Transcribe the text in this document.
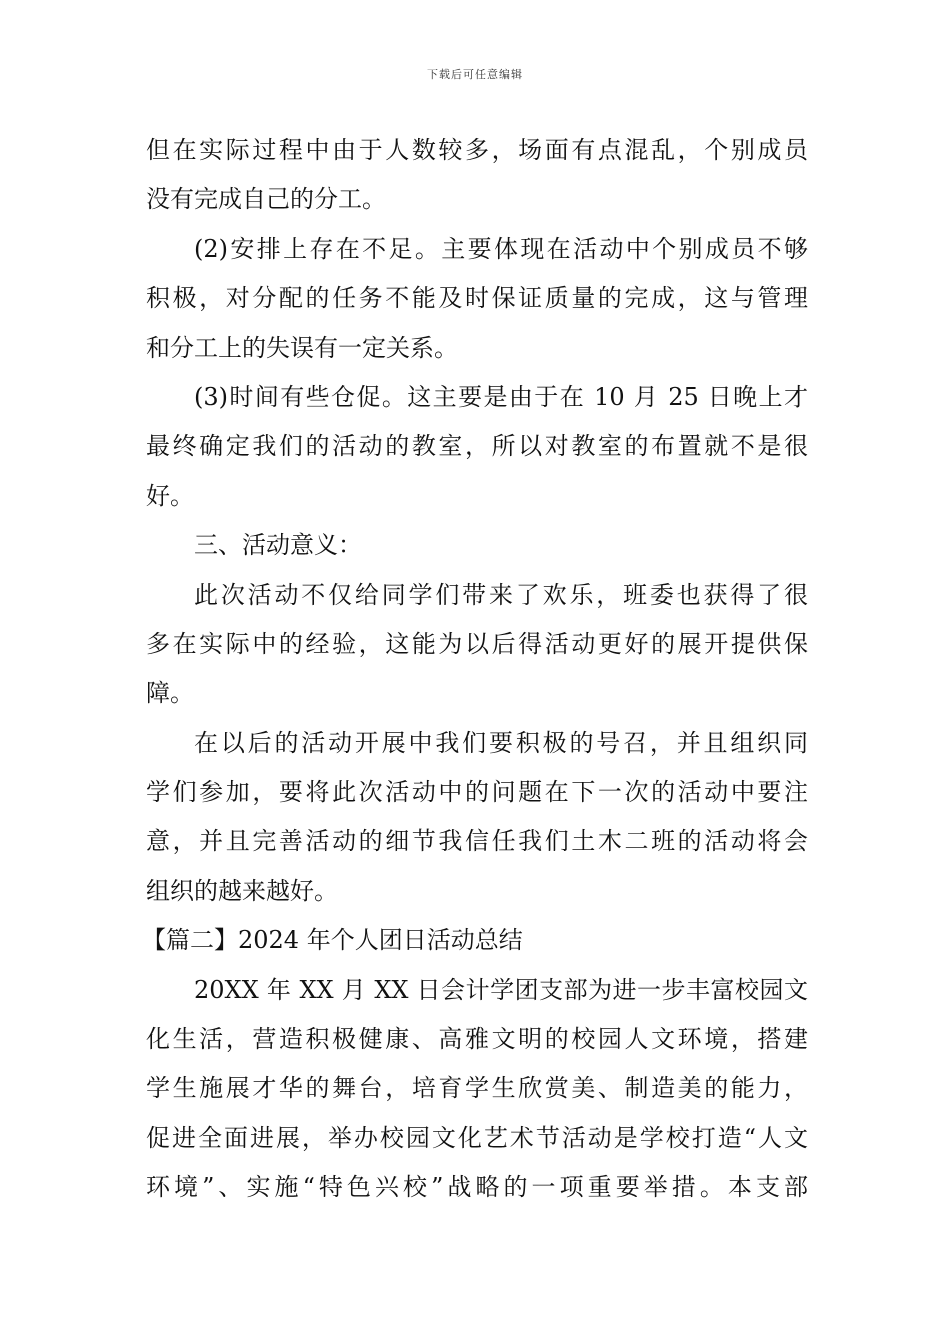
下载后可任意编辑
但在实际过程中由于人数较多，场面有点混乱，个别成员
没有完成自己的分工。
(2)安排上存在不足。主要体现在活动中个别成员不够
积极，对分配的任务不能及时保证质量的完成，这与管理
和分工上的失误有一定关系。
(3)时间有些仓促。这主要是由于在 10 月 25 日晚上才
最终确定我们的活动的教室，所以对教室的布置就不是很
好。
三、活动意义：
此次活动不仅给同学们带来了欢乐，班委也获得了很
多在实际中的经验，这能为以后得活动更好的展开提供保
障。
在以后的活动开展中我们要积极的号召，并且组织同
学们参加，要将此次活动中的问题在下一次的活动中要注
意，并且完善活动的细节我信任我们土木二班的活动将会
组织的越来越好。
【篇二】2024 年个人团日活动总结
20XX 年 XX 月 XX 日会计学团支部为进一步丰富校园文
化生活，营造积极健康、高雅文明的校园人文环境，搭建
学生施展才华的舞台，培育学生欣赏美、制造美的能力，
促进全面进展，举办校园文化艺术节活动是学校打造“人文
环境”、实施“特色兴校”战略的一项重要举措。本支部
